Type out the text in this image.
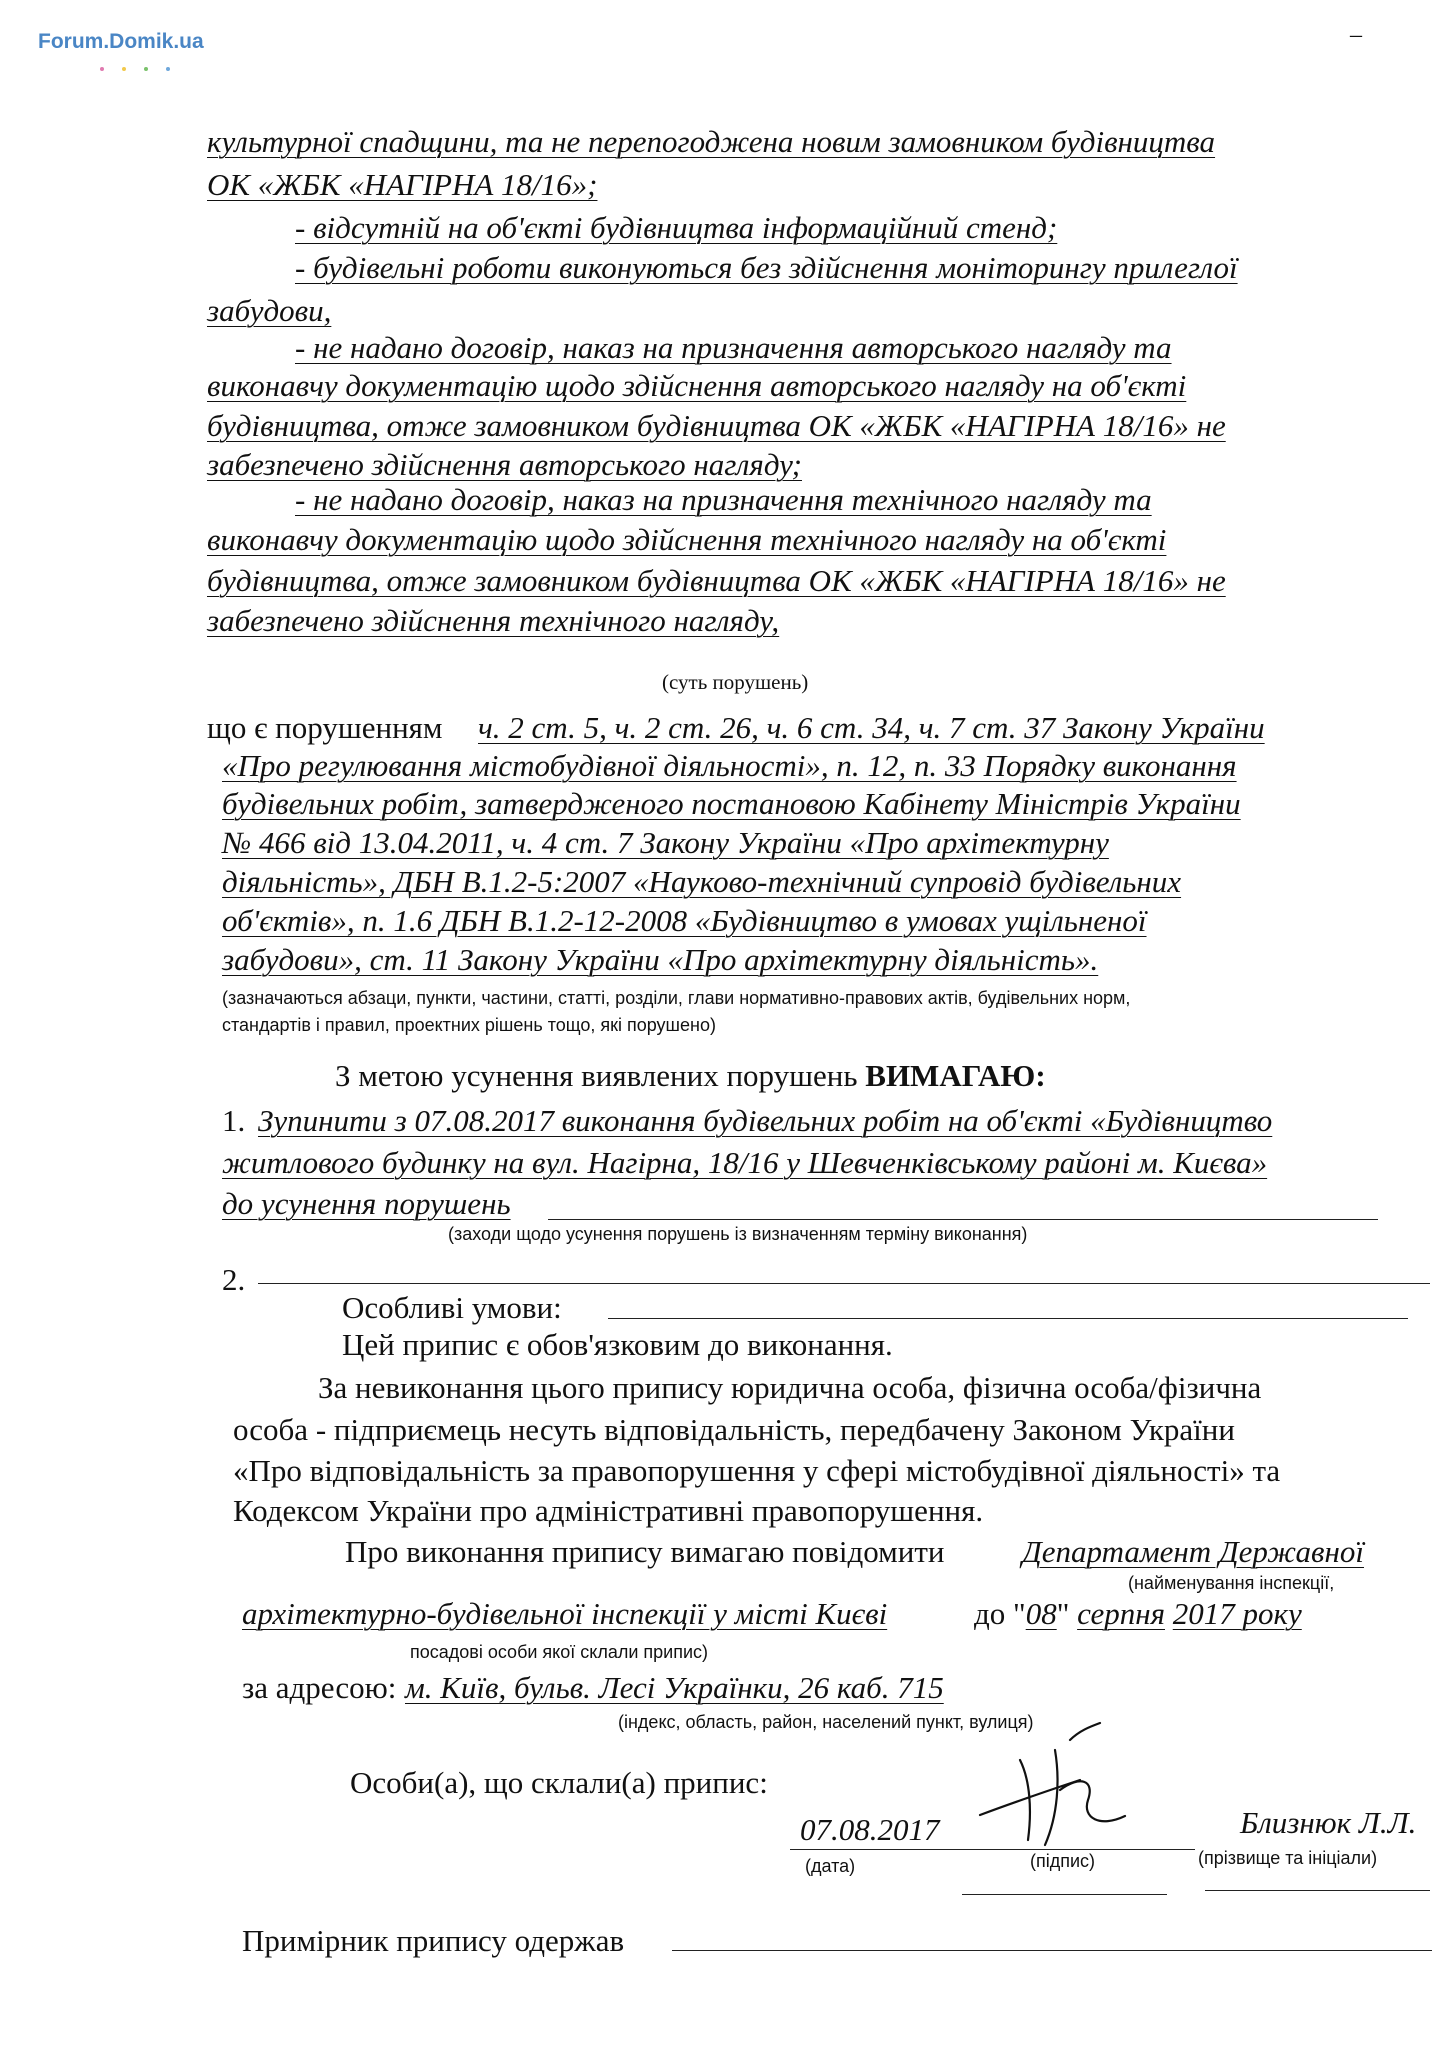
Forum.Domik.ua	–
культурної спадщини, та не перепогоджена новим замовником будівництва
ОК «ЖБК «НАГІРНА 18/16»;
- відсутній на об'єкті будівництва інформаційний стенд;
- будівельні роботи виконуються без здійснення моніторингу прилеглої
забудови,
- не надано договір, наказ на призначення авторського нагляду та
виконавчу документацію щодо здійснення авторського нагляду на об'єкті
будівництва, отже замовником будівництва ОК «ЖБК «НАГІРНА 18/16» не
забезпечено здійснення авторського нагляду;
- не надано договір, наказ на призначення технічного нагляду та
виконавчу документацію щодо здійснення технічного нагляду на об'єкті
будівництва, отже замовником будівництва ОК «ЖБК «НАГІРНА 18/16» не
забезпечено здійснення технічного нагляду,
(суть порушень)
що є порушенням ч. 2 ст. 5, ч. 2 ст. 26, ч. 6 ст. 34, ч. 7 ст. 37 Закону України
«Про регулювання містобудівної діяльності», п. 12, п. 33 Порядку виконання
будівельних робіт, затвердженого постановою Кабінету Міністрів України
№ 466 від 13.04.2011, ч. 4 ст. 7 Закону України «Про архітектурну
діяльність», ДБН В.1.2-5:2007 «Науково-технічний супровід будівельних
об'єктів», п. 1.6 ДБН В.1.2-12-2008 «Будівництво в умовах ущільненої
забудови», ст. 11 Закону України «Про архітектурну діяльність».
(зазначаються абзаци, пункти, частини, статті, розділи, глави нормативно-правових актів, будівельних норм,
стандартів і правил, проектних рішень тощо, які порушено)
З метою усунення виявлених порушень ВИМАГАЮ:
1. Зупинити з 07.08.2017 виконання будівельних робіт на об'єкті «Будівництво
житлового будинку на вул. Нагірна, 18/16 у Шевченківському районі м. Києва»
до усунення порушень
(заходи щодо усунення порушень із визначенням терміну виконання)
2.
Особливі умови:
Цей припис є обов'язковим до виконання.
За невиконання цього припису юридична особа, фізична особа/фізична
особа - підприємець несуть відповідальність, передбачену Законом України
«Про відповідальність за правопорушення у сфері містобудівної діяльності» та
Кодексом України про адміністративні правопорушення.
Про виконання припису вимагаю повідомити	Департамент Державної
(найменування інспекції,
архітектурно-будівельної інспекції у місті Києві	до "08" серпня 2017 року
посадові особи якої склали припис)
за адресою: м. Київ, бульв. Лесі Українки, 26 каб. 715
(індекс, область, район, населений пункт, вулиця)
Особи(а), що склали(а) припис:
07.08.2017
(дата)	(підпис)
Близнюк Л.Л.
(прізвище та ініціали)
Примірник припису одержав
